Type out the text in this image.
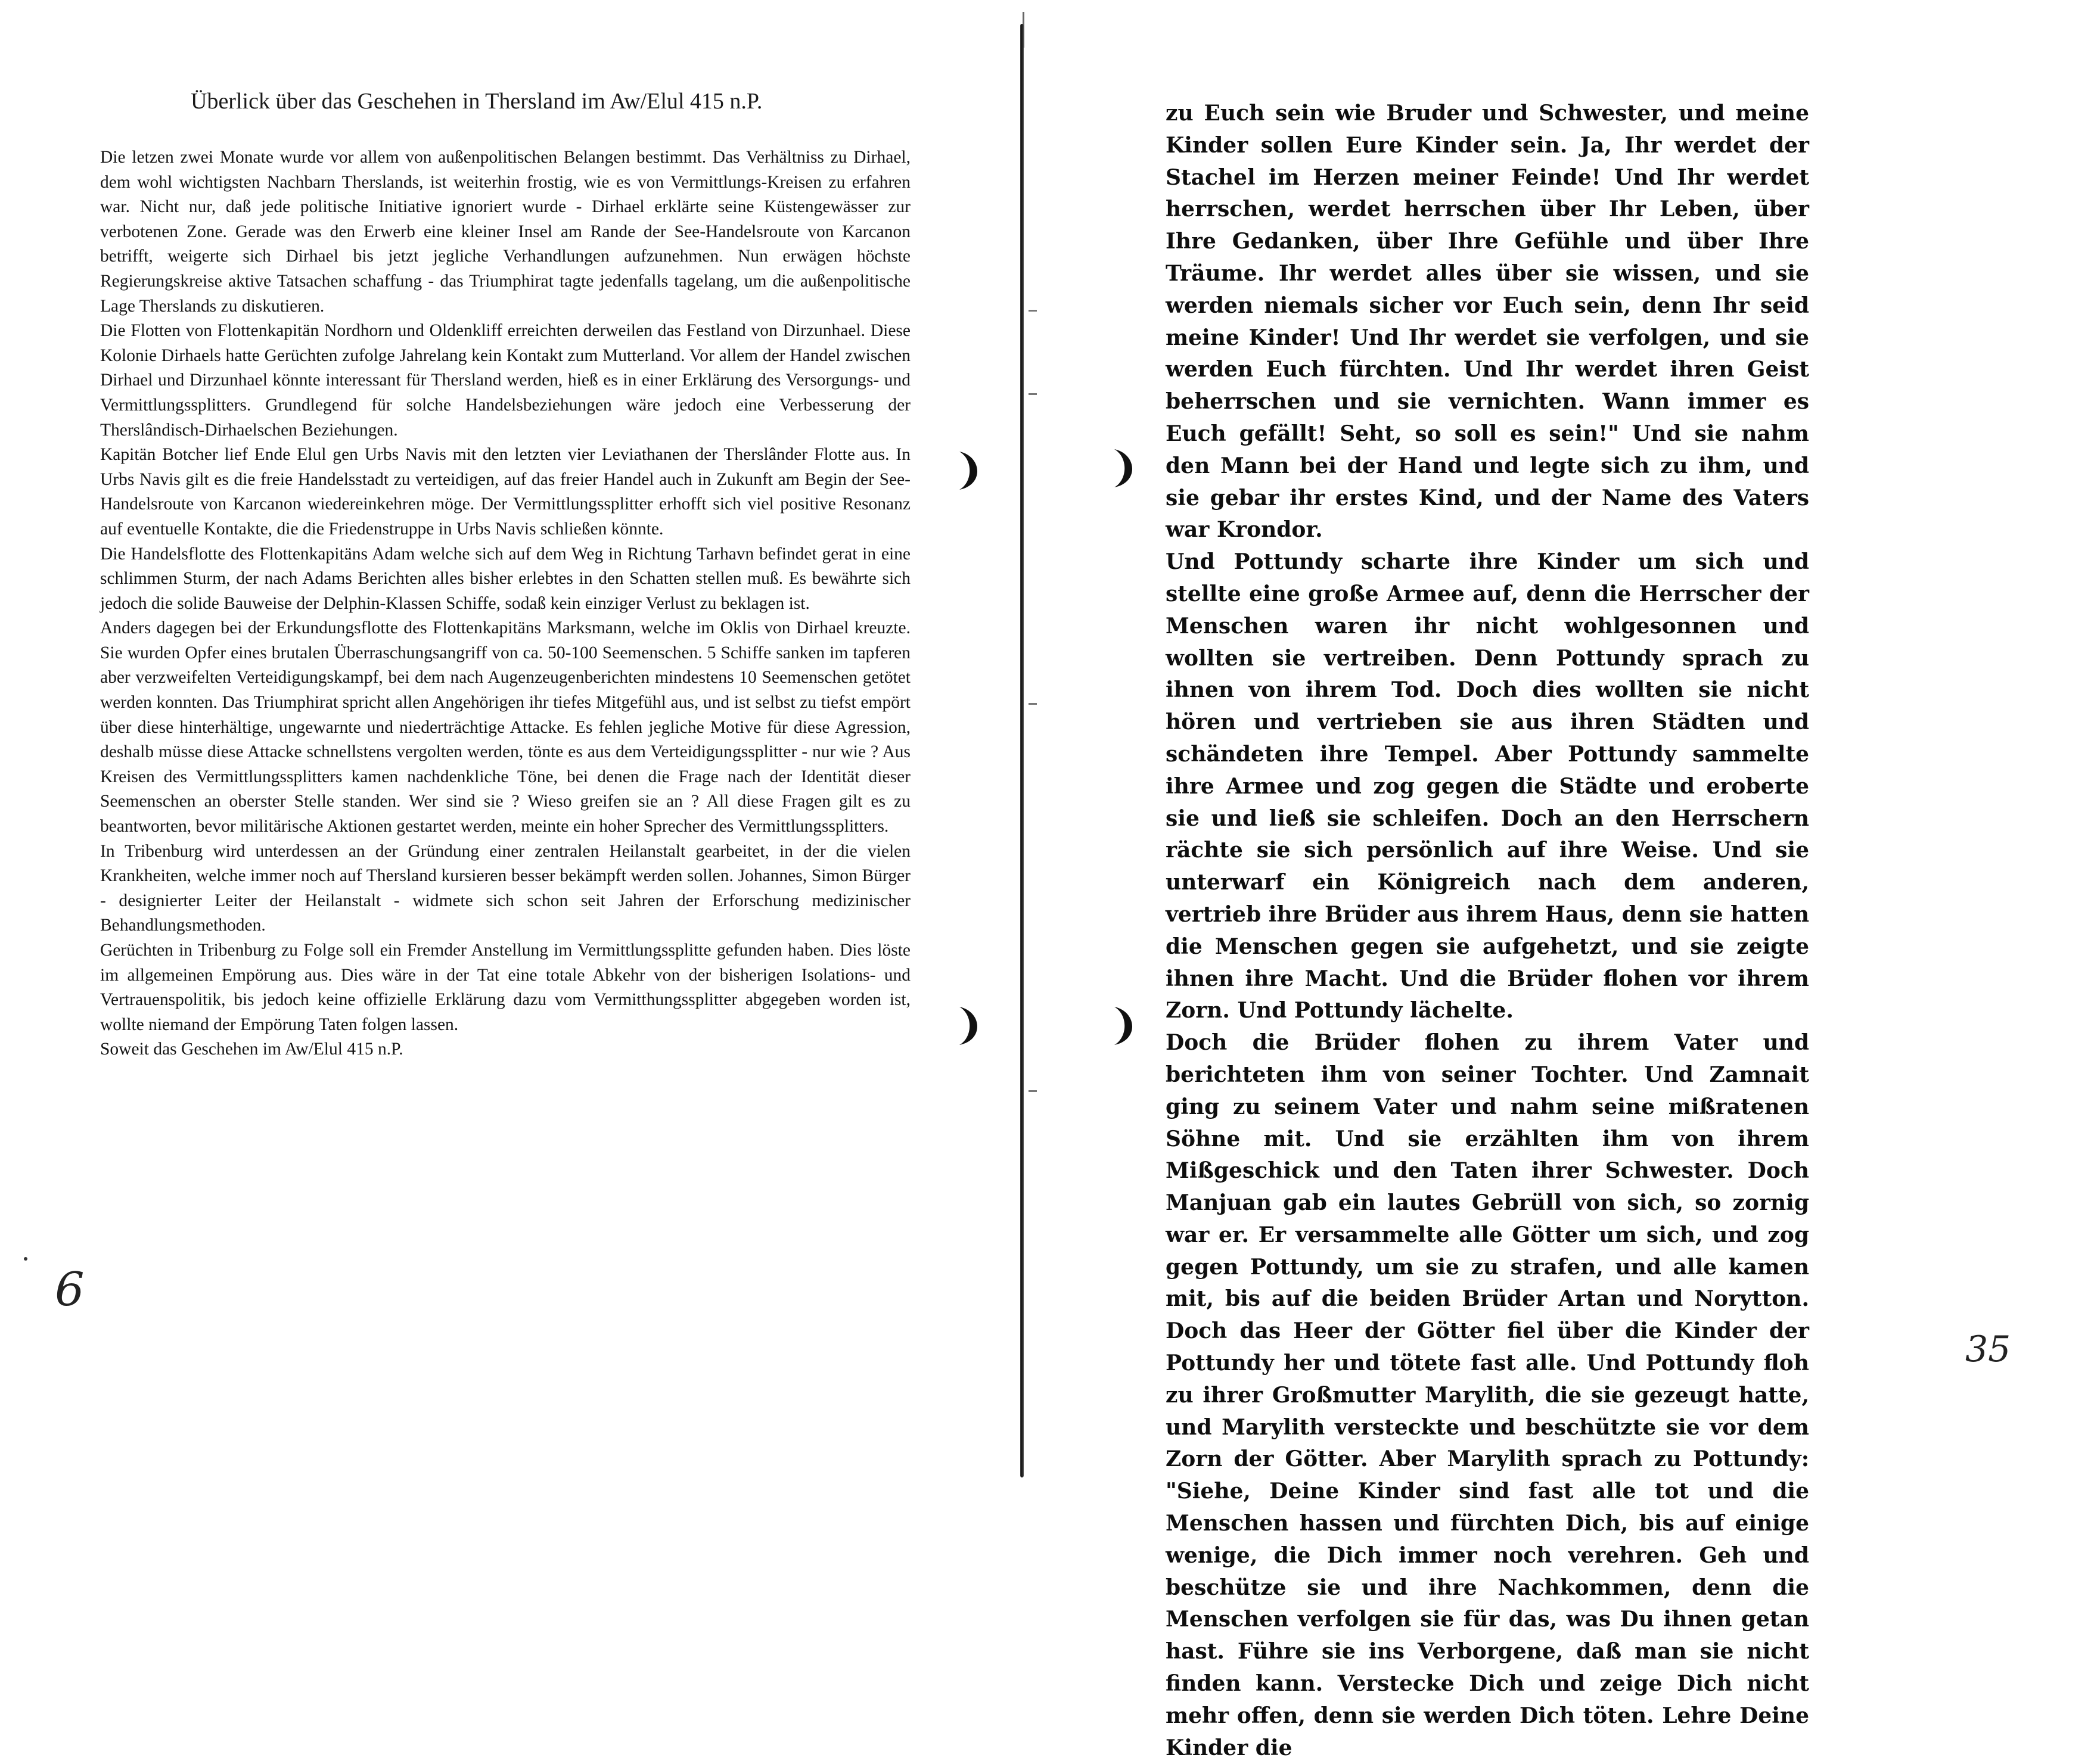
Überlick über das Geschehen in Thersland im Aw/Elul 415 n.P.

Die letzen zwei Monate wurde vor allem von außenpolitischen Belangen bestimmt. Das Verhältniss zu Dirhael, dem wohl wichtigsten Nachbarn Therslands, ist weiterhin frostig, wie es von Vermittlungs-Kreisen zu erfahren war. Nicht nur, daß jede politische Initiative ignoriert wurde - Dirhael erklärte seine Küstengewässer zur verbotenen Zone. Gerade was den Erwerb eine kleiner Insel am Rande der See-Handelsroute von Karcanon betrifft, weigerte sich Dirhael bis jetzt jegliche Verhandlungen aufzunehmen. Nun erwägen höchste Regierungskreise aktive Tatsachen schaffung - das Triumphirat tagte jedenfalls tagelang, um die außenpolitische Lage Therslands zu diskutieren.

Die Flotten von Flottenkapitän Nordhorn und Oldenkliff erreichten derweilen das Festland von Dirzunhael. Diese Kolonie Dirhaels hatte Gerüchten zufolge Jahrelang kein Kontakt zum Mutterland. Vor allem der Handel zwischen Dirhael und Dirzunhael könnte interessant für Thersland werden, hieß es in einer Erklärung des Versorgungs- und Vermittlungssplitters. Grundlegend für solche Handelsbeziehungen wäre jedoch eine Verbesserung der Therslândisch-Dirhaelschen Beziehungen.

Kapitän Botcher lief Ende Elul gen Urbs Navis mit den letzten vier Leviathanen der Therslânder Flotte aus. In Urbs Navis gilt es die freie Handelsstadt zu verteidigen, auf das freier Handel auch in Zukunft am Begin der See-Handelsroute von Karcanon wiedereinkehren möge. Der Vermittlungssplitter erhofft sich viel positive Resonanz auf eventuelle Kontakte, die die Friedenstruppe in Urbs Navis schließen könnte.

Die Handelsflotte des Flottenkapitäns Adam welche sich auf dem Weg in Richtung Tarhavn befindet gerat in eine schlimmen Sturm, der nach Adams Berichten alles bisher erlebtes in den Schatten stellen muß. Es bewährte sich jedoch die solide Bauweise der Delphin-Klassen Schiffe, sodaß kein einziger Verlust zu beklagen ist.

Anders dagegen bei der Erkundungsflotte des Flottenkapitäns Marksmann, welche im Oklis von Dirhael kreuzte. Sie wurden Opfer eines brutalen Überraschungsangriff von ca. 50-100 Seemenschen. 5 Schiffe sanken im tapferen aber verzweifelten Verteidigungskampf, bei dem nach Augenzeugenberichten mindestens 10 Seemenschen getötet werden konnten. Das Triumphirat spricht allen Angehörigen ihr tiefes Mitgefühl aus, und ist selbst zu tiefst empört über diese hinterhältige, ungewarnte und niederträchtige Attacke. Es fehlen jegliche Motive für diese Agression, deshalb müsse diese Attacke schnellstens vergolten werden, tönte es aus dem Verteidigungssplitter - nur wie ? Aus Kreisen des Vermittlungssplitters kamen nachdenkliche Töne, bei denen die Frage nach der Identität dieser Seemenschen an oberster Stelle standen. Wer sind sie ? Wieso greifen sie an ? All diese Fragen gilt es zu beantworten, bevor militärische Aktionen gestartet werden, meinte ein hoher Sprecher des Vermittlungssplitters.

In Tribenburg wird unterdessen an der Gründung einer zentralen Heilanstalt gearbeitet, in der die vielen Krankheiten, welche immer noch auf Thersland kursieren besser bekämpft werden sollen. Johannes, Simon Bürger - designierter Leiter der Heilanstalt - widmete sich schon seit Jahren der Erforschung medizinischer Behandlungsmethoden.

Gerüchten in Tribenburg zu Folge soll ein Fremder Anstellung im Vermittlungssplitte gefunden haben. Dies löste im allgemeinen Empörung aus. Dies wäre in der Tat eine totale Abkehr von der bisherigen Isolations- und Vertrauenspolitik, bis jedoch keine offizielle Erklärung dazu vom Vermitthungssplitter abgegeben worden ist, wollte niemand der Empörung Taten folgen lassen.

Soweit das Geschehen im Aw/Elul 415 n.P.

6

zu Euch sein wie Bruder und Schwester, und meine Kinder sollen Eure Kinder sein. Ja, Ihr werdet der Stachel im Herzen meiner Feinde! Und Ihr werdet herrschen, werdet herrschen über Ihr Leben, über Ihre Gedanken, über Ihre Gefühle und über Ihre Träume. Ihr werdet alles über sie wissen, und sie werden niemals sicher vor Euch sein, denn Ihr seid meine Kinder! Und Ihr werdet sie verfolgen, und sie werden Euch fürchten. Und Ihr werdet ihren Geist beherrschen und sie vernichten. Wann immer es Euch gefällt! Seht, so soll es sein!" Und sie nahm den Mann bei der Hand und legte sich zu ihm, und sie gebar ihr erstes Kind, und der Name des Vaters war Krondor.

Und Pottundy scharte ihre Kinder um sich und stellte eine große Armee auf, denn die Herrscher der Menschen waren ihr nicht wohlgesonnen und wollten sie vertreiben. Denn Pottundy sprach zu ihnen von ihrem Tod. Doch dies wollten sie nicht hören und vertrieben sie aus ihren Städten und schändeten ihre Tempel. Aber Pottundy sammelte ihre Armee und zog gegen die Städte und eroberte sie und ließ sie schleifen. Doch an den Herrschern rächte sie sich persönlich auf ihre Weise. Und sie unterwarf ein Königreich nach dem anderen, vertrieb ihre Brüder aus ihrem Haus, denn sie hatten die Menschen gegen sie aufgehetzt, und sie zeigte ihnen ihre Macht. Und die Brüder flohen vor ihrem Zorn. Und Pottundy lächelte.

Doch die Brüder flohen zu ihrem Vater und berichteten ihm von seiner Tochter. Und Zamnait ging zu seinem Vater und nahm seine mißratenen Söhne mit. Und sie erzählten ihm von ihrem Mißgeschick und den Taten ihrer Schwester. Doch Manjuan gab ein lautes Gebrüll von sich, so zornig war er. Er versammelte alle Götter um sich, und zog gegen Pottundy, um sie zu strafen, und alle kamen mit, bis auf die beiden Brüder Artan und Norytton. Doch das Heer der Götter fiel über die Kinder der Pottundy her und tötete fast alle. Und Pottundy floh zu ihrer Großmutter Marylith, die sie gezeugt hatte, und Marylith versteckte und beschützte sie vor dem Zorn der Götter. Aber Marylith sprach zu Pottundy: "Siehe, Deine Kinder sind fast alle tot und die Menschen hassen und fürchten Dich, bis auf einige wenige, die Dich immer noch verehren. Geh und beschütze sie und ihre Nachkommen, denn die Menschen verfolgen sie für das, was Du ihnen getan hast. Führe sie ins Verborgene, daß man sie nicht finden kann. Verstecke Dich und zeige Dich nicht mehr offen, denn sie werden Dich töten. Lehre Deine Kinder die

35
